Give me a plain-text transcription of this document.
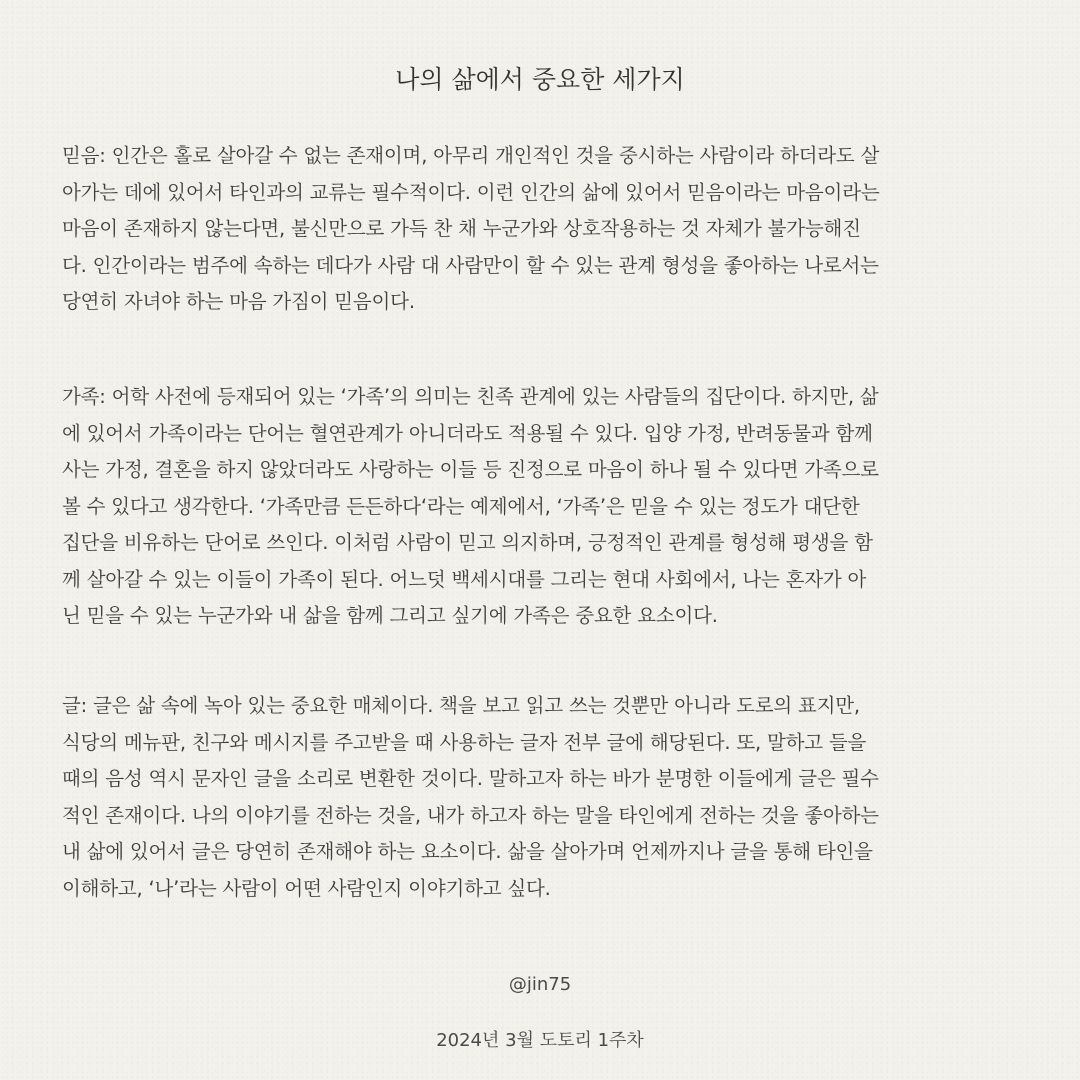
나의 삶에서 중요한 세가지
믿음: 인간은 홀로 살아갈 수 없는 존재이며, 아무리 개인적인 것을 중시하는 사람이라 하더라도 살
아가는 데에 있어서 타인과의 교류는 필수적이다. 이런 인간의 삶에 있어서 믿음이라는 마음이라는
마음이 존재하지 않는다면, 불신만으로 가득 찬 채 누군가와 상호작용하는 것 자체가 불가능해진
다. 인간이라는 범주에 속하는 데다가 사람 대 사람만이 할 수 있는 관계 형성을 좋아하는 나로서는
당연히 자녀야 하는 마음 가짐이 믿음이다.
가족: 어학 사전에 등재되어 있는 ‘가족’의 의미는 친족 관계에 있는 사람들의 집단이다. 하지만, 삶
에 있어서 가족이라는 단어는 혈연관계가 아니더라도 적용될 수 있다. 입양 가정, 반려동물과 함께
사는 가정, 결혼을 하지 않았더라도 사랑하는 이들 등 진정으로 마음이 하나 될 수 있다면 가족으로
볼 수 있다고 생각한다. ‘가족만큼 든든하다‘라는 예제에서, ‘가족’은 믿을 수 있는 정도가 대단한
집단을 비유하는 단어로 쓰인다. 이처럼 사람이 믿고 의지하며, 긍정적인 관계를 형성해 평생을 함
께 살아갈 수 있는 이들이 가족이 된다. 어느덧 백세시대를 그리는 현대 사회에서, 나는 혼자가 아
닌 믿을 수 있는 누군가와 내 삶을 함께 그리고 싶기에 가족은 중요한 요소이다.
글: 글은 삶 속에 녹아 있는 중요한 매체이다. 책을 보고 읽고 쓰는 것뿐만 아니라 도로의 표지만,
식당의 메뉴판, 친구와 메시지를 주고받을 때 사용하는 글자 전부 글에 해당된다. 또, 말하고 들을
때의 음성 역시 문자인 글을 소리로 변환한 것이다. 말하고자 하는 바가 분명한 이들에게 글은 필수
적인 존재이다. 나의 이야기를 전하는 것을, 내가 하고자 하는 말을 타인에게 전하는 것을 좋아하는
내 삶에 있어서 글은 당연히 존재해야 하는 요소이다. 삶을 살아가며 언제까지나 글을 통해 타인을
이해하고, ‘나’라는 사람이 어떤 사람인지 이야기하고 싶다.
@jin75
2024년 3월 도토리 1주차
